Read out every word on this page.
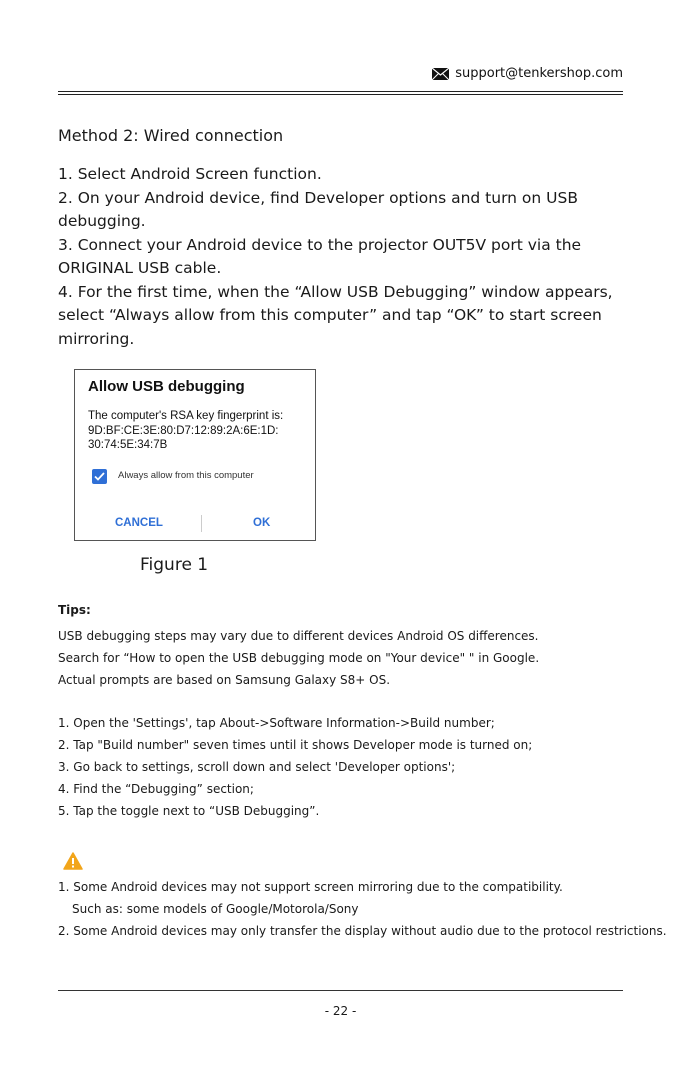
support@tenkershop.com
Method 2: Wired connection

1. Select Android Screen function.

2. On your Android device, find Developer options and turn on USB debugging.

3. Connect your Android device to the projector OUT5V port via the ORIGINAL USB cable.

4. For the first time, when the “Allow USB Debugging” window appears, select “Always allow from this computer” and tap “OK” to start screen mirroring.

Allow USB debugging
The computer's RSA key fingerprint is:
9D:BF:CE:3E:80:D7:12:89:2A:6E:1D:
30:74:5E:34:7B
Always allow from this computer
CANCEL	OK
Figure 1
Tips:
USB debugging steps may vary due to different devices Android OS differences.
Search for “How to open the USB debugging mode on "Your device" " in Google.
Actual prompts are based on Samsung Galaxy S8+ OS.
1. Open the 'Settings', tap About->Software Information->Build number;
2. Tap "Build number" seven times until it shows Developer mode is turned on;
3. Go back to settings, scroll down and select 'Developer options';
4. Find the “Debugging” section;
5. Tap the toggle next to “USB Debugging”.
1. Some Android devices may not support screen mirroring due to the compatibility.
Such as: some models of Google/Motorola/Sony
2. Some Android devices may only transfer the display without audio due to the protocol restrictions.
- 22 -
